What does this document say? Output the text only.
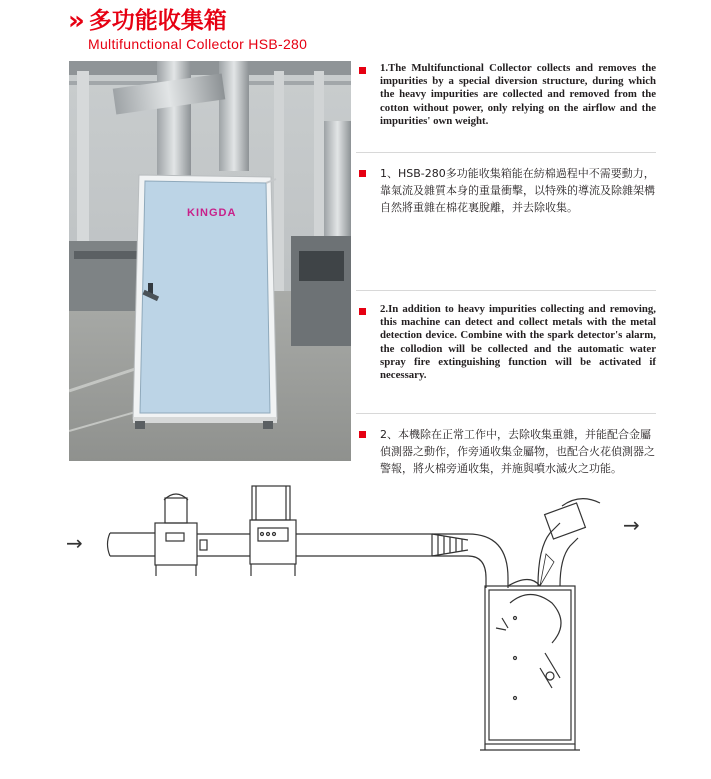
» 多功能收集箱
Multifunctional Collector HSB-280
KINGDA

1.The Multifunctional Collector collects and removes the impurities by a special diversion structure, during which the heavy impurities are collected and removed from the cotton without power, only relying on the airflow and the impurities' own weight.

1、HSB-280多功能收集箱能在紡棉過程中不需要動力，靠氣流及雜質本身的重量衝擊，以特殊的導流及除雜架構自然將重雜在棉花裏脫離，并去除收集。

2.In addition to heavy impurities collecting and removing, this machine can detect and collect metals with the metal detection device. Combine with the spark detector's alarm, the collodion will be collected and the automatic water spray fire extinguishing function will be activated if necessary.

2、本機除在正常工作中，去除收集重雜，并能配合金屬偵測器之動作，作旁通收集金屬物，也配合火花偵測器之警報，將火棉旁通收集，并施與噴水滅火之功能。

→
→
